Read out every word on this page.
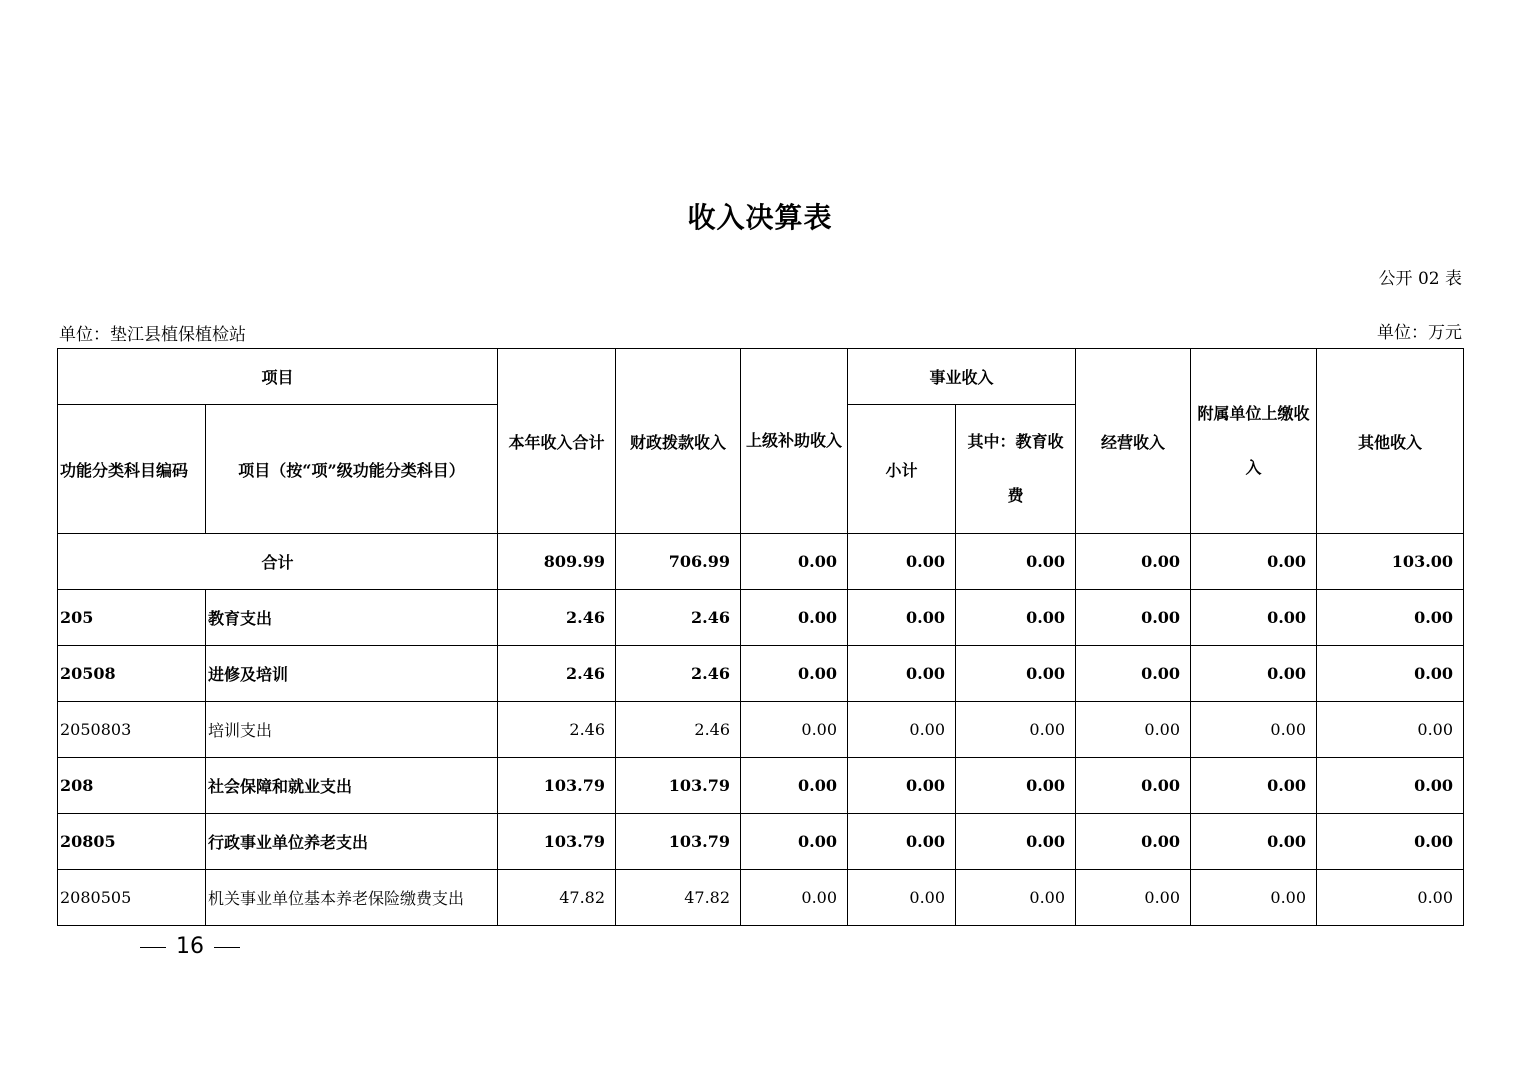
收入决算表
公开 02 表
单位：垫江县植保植检站	单位：万元
项目		本年收入合计	财政拨款收入	上级补助收入	事业收入		经营收入	附属单位上缴收入	其他收入
功能分类科目编码	项目（按“项”级功能分类科目）				小计	其中：教育收费			
合计		809.99	706.99	0.00	0.00	0.00	0.00	0.00	103.00
205	教育支出	2.46	2.46	0.00	0.00	0.00	0.00	0.00	0.00
20508	进修及培训	2.46	2.46	0.00	0.00	0.00	0.00	0.00	0.00
2050803	培训支出	2.46	2.46	0.00	0.00	0.00	0.00	0.00	0.00
208	社会保障和就业支出	103.79	103.79	0.00	0.00	0.00	0.00	0.00	0.00
20805	行政事业单位养老支出	103.79	103.79	0.00	0.00	0.00	0.00	0.00	0.00
2080505	机关事业单位基本养老保险缴费支出	47.82	47.82	0.00	0.00	0.00	0.00	0.00	0.00
16
